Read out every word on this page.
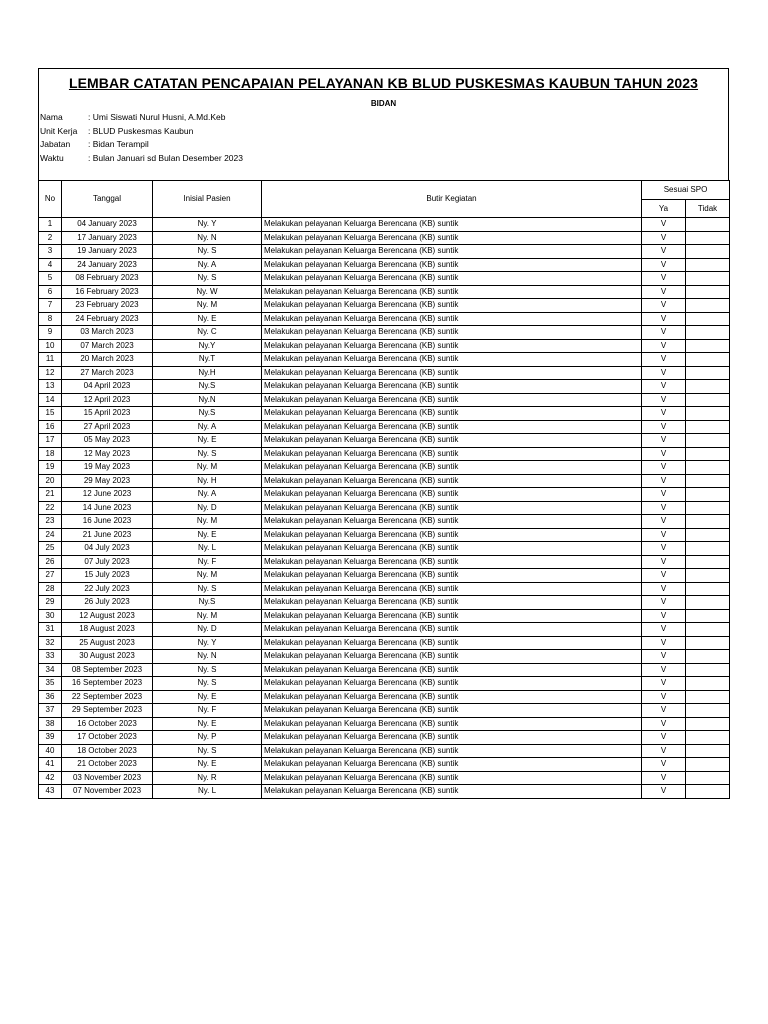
LEMBAR CATATAN PENCAPAIAN PELAYANAN KB BLUD PUSKESMAS KAUBUN TAHUN 2023
BIDAN
Nama	: Umi Siswati Nurul Husni, A.Md.Keb
Unit Kerja : BLUD Puskesmas Kaubun
Jabatan : Bidan Terampil
Waktu	: Bulan Januari sd Bulan Desember 2023
No	Tanggal	Inisial Pasien	Butir Kegiatan	Sesuai SPO	
				Ya	Tidak
1	04 January 2023	Ny. Y	Melakukan pelayanan Keluarga Berencana (KB) suntik	V	
2	17 January 2023	Ny. N	Melakukan pelayanan Keluarga Berencana (KB) suntik	V	
3	19 January 2023	Ny. S	Melakukan pelayanan Keluarga Berencana (KB) suntik	V	
4	24 January 2023	Ny. A	Melakukan pelayanan Keluarga Berencana (KB) suntik	V	
5	08 February 2023	Ny. S	Melakukan pelayanan Keluarga Berencana (KB) suntik	V	
6	16 February 2023	Ny. W	Melakukan pelayanan Keluarga Berencana (KB) suntik	V	
7	23 February 2023	Ny. M	Melakukan pelayanan Keluarga Berencana (KB) suntik	V	
8	24 February 2023	Ny. E	Melakukan pelayanan Keluarga Berencana (KB) suntik	V	
9	03 March 2023	Ny. C	Melakukan pelayanan Keluarga Berencana (KB) suntik	V	
10	07 March 2023	Ny.Y	Melakukan pelayanan Keluarga Berencana (KB) suntik	V	
11	20 March 2023	Ny.T	Melakukan pelayanan Keluarga Berencana (KB) suntik	V	
12	27 March 2023	Ny.H	Melakukan pelayanan Keluarga Berencana (KB) suntik	V	
13	04 April 2023	Ny.S	Melakukan pelayanan Keluarga Berencana (KB) suntik	V	
14	12 April 2023	Ny.N	Melakukan pelayanan Keluarga Berencana (KB) suntik	V	
15	15 April 2023	Ny.S	Melakukan pelayanan Keluarga Berencana (KB) suntik	V	
16	27 April 2023	Ny. A	Melakukan pelayanan Keluarga Berencana (KB) suntik	V	
17	05 May 2023	Ny. E	Melakukan pelayanan Keluarga Berencana (KB) suntik	V	
18	12 May 2023	Ny. S	Melakukan pelayanan Keluarga Berencana (KB) suntik	V	
19	19 May 2023	Ny. M	Melakukan pelayanan Keluarga Berencana (KB) suntik	V	
20	29 May 2023	Ny. H	Melakukan pelayanan Keluarga Berencana (KB) suntik	V	
21	12 June 2023	Ny. A	Melakukan pelayanan Keluarga Berencana (KB) suntik	V	
22	14 June 2023	Ny. D	Melakukan pelayanan Keluarga Berencana (KB) suntik	V	
23	16 June 2023	Ny. M	Melakukan pelayanan Keluarga Berencana (KB) suntik	V	
24	21 June 2023	Ny. E	Melakukan pelayanan Keluarga Berencana (KB) suntik	V	
25	04 July 2023	Ny. L	Melakukan pelayanan Keluarga Berencana (KB) suntik	V	
26	07 July 2023	Ny. F	Melakukan pelayanan Keluarga Berencana (KB) suntik	V	
27	15 July 2023	Ny. M	Melakukan pelayanan Keluarga Berencana (KB) suntik	V	
28	22 July 2023	Ny. S	Melakukan pelayanan Keluarga Berencana (KB) suntik	V	
29	26 July 2023	Ny.S	Melakukan pelayanan Keluarga Berencana (KB) suntik	V	
30	12 August 2023	Ny. M	Melakukan pelayanan Keluarga Berencana (KB) suntik	V	
31	18 August 2023	Ny. D	Melakukan pelayanan Keluarga Berencana (KB) suntik	V	
32	25 August 2023	Ny. Y	Melakukan pelayanan Keluarga Berencana (KB) suntik	V	
33	30 August 2023	Ny. N	Melakukan pelayanan Keluarga Berencana (KB) suntik	V	
34	08 September 2023	Ny. S	Melakukan pelayanan Keluarga Berencana (KB) suntik	V	
35	16 September 2023	Ny. S	Melakukan pelayanan Keluarga Berencana (KB) suntik	V	
36	22 September 2023	Ny. E	Melakukan pelayanan Keluarga Berencana (KB) suntik	V	
37	29 September 2023	Ny. F	Melakukan pelayanan Keluarga Berencana (KB) suntik	V	
38	16 October 2023	Ny. E	Melakukan pelayanan Keluarga Berencana (KB) suntik	V	
39	17 October 2023	Ny. P	Melakukan pelayanan Keluarga Berencana (KB) suntik	V	
40	18 October 2023	Ny. S	Melakukan pelayanan Keluarga Berencana (KB) suntik	V	
41	21 October 2023	Ny. E	Melakukan pelayanan Keluarga Berencana (KB) suntik	V	
42	03 November 2023	Ny. R	Melakukan pelayanan Keluarga Berencana (KB) suntik	V	
43	07 November 2023	Ny. L	Melakukan pelayanan Keluarga Berencana (KB) suntik	V	
